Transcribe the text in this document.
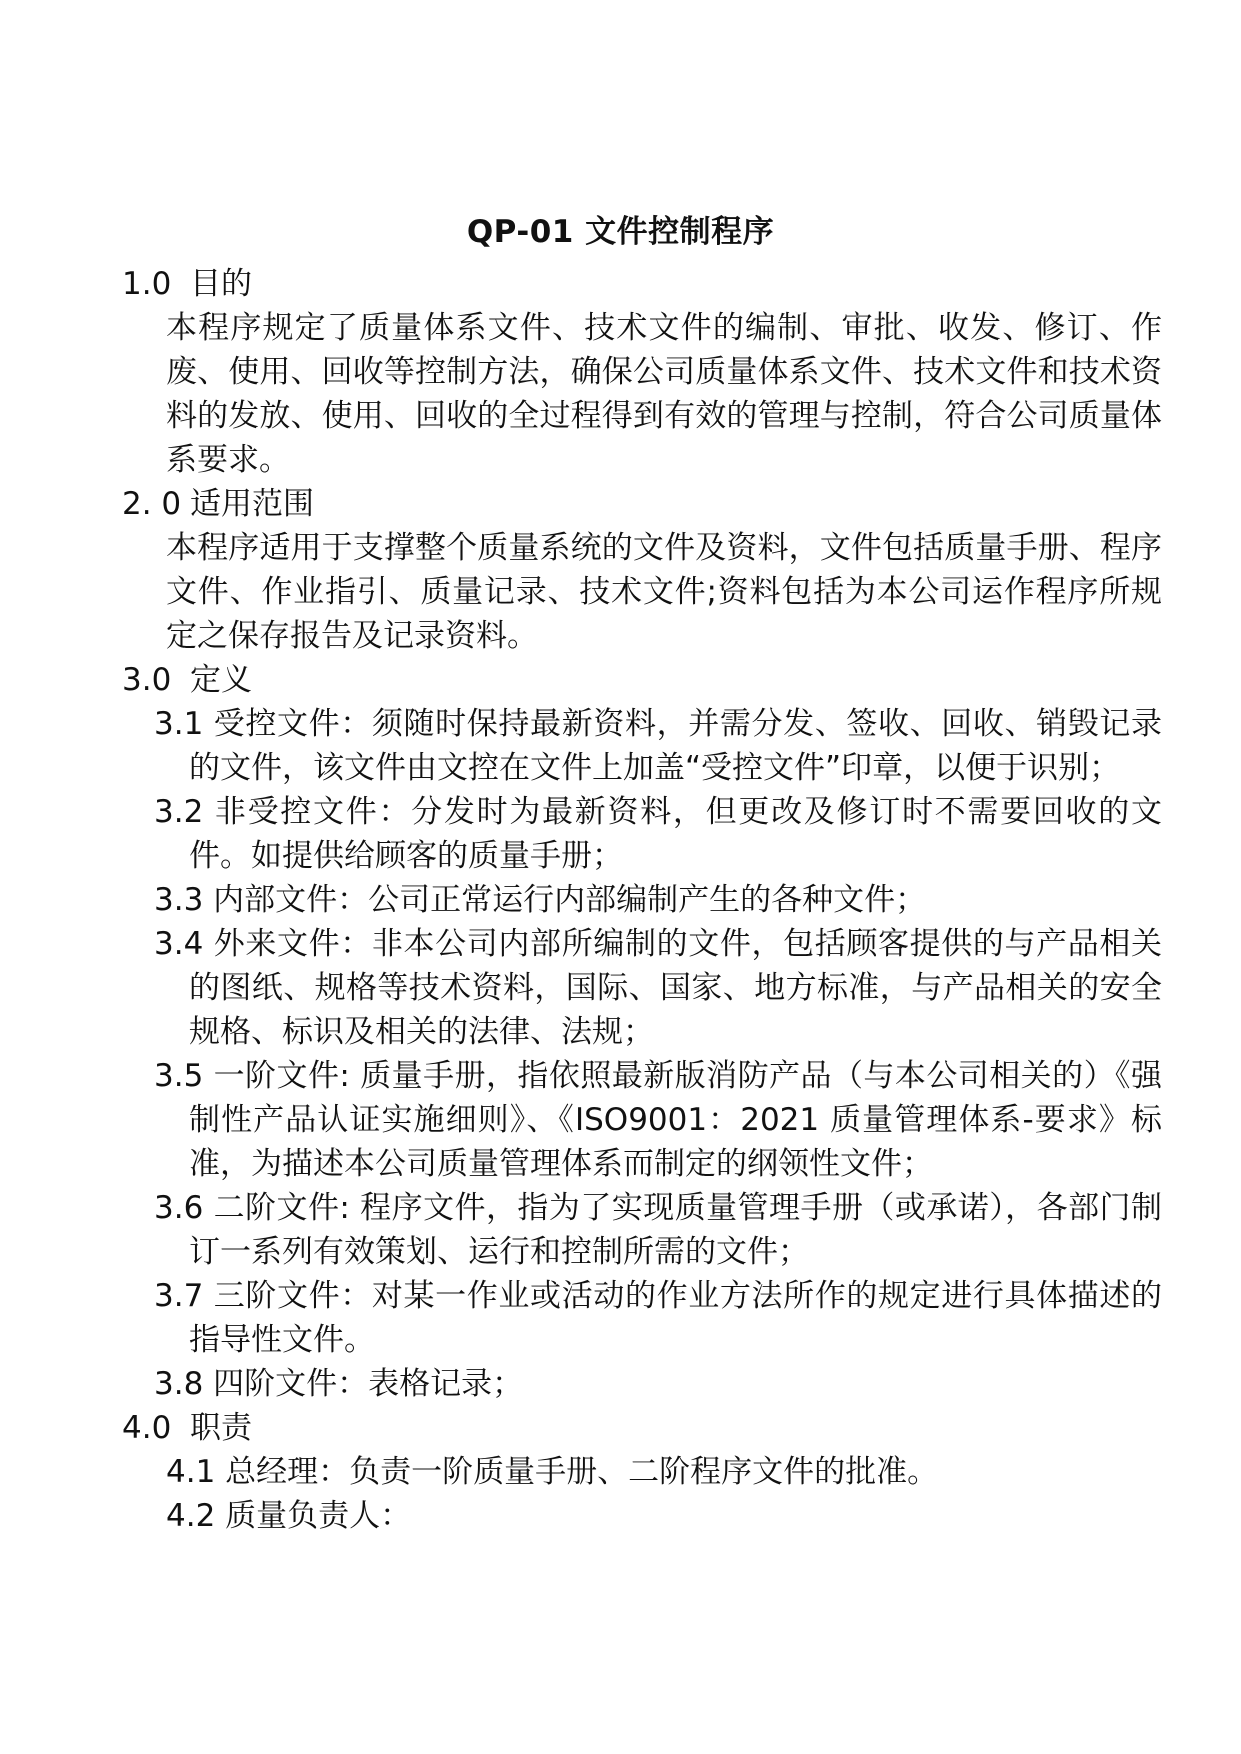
QP-01 文件控制程序
1.0 目的

本程序规定了质量体系文件、技术文件的编制、审批、收发、修订、作废、使用、回收等控制方法，确保公司质量体系文件、技术文件和技术资料的发放、使用、回收的全过程得到有效的管理与控制，符合公司质量体系要求。

2. 0 适用范围

本程序适用于支撑整个质量系统的文件及资料，文件包括质量手册、程序文件、作业指引、质量记录、技术文件;资料包括为本公司运作程序所规定之保存报告及记录资料。

3.0 定义

3.1 受控文件：须随时保持最新资料，并需分发、签收、回收、销毁记录的文件，该文件由文控在文件上加盖“受控文件”印章，以便于识别；

3.2 非受控文件：分发时为最新资料，但更改及修订时不需要回收的文件。如提供给顾客的质量手册；

3.3 内部文件：公司正常运行内部编制产生的各种文件；

3.4 外来文件：非本公司内部所编制的文件，包括顾客提供的与产品相关的图纸、规格等技术资料，国际、国家、地方标准，与产品相关的安全规格、标识及相关的法律、法规；

3.5 一阶文件: 质量手册，指依照最新版消防产品（与本公司相关的）《强制性产品认证实施细则》、《ISO9001：2021 质量管理体系-要求》标准，为描述本公司质量管理体系而制定的纲领性文件；

3.6 二阶文件: 程序文件，指为了实现质量管理手册（或承诺），各部门制订一系列有效策划、运行和控制所需的文件；

3.7 三阶文件：对某一作业或活动的作业方法所作的规定进行具体描述的指导性文件。

3.8 四阶文件：表格记录；

4.0 职责

4.1 总经理：负责一阶质量手册、二阶程序文件的批准。

4.2 质量负责人：
